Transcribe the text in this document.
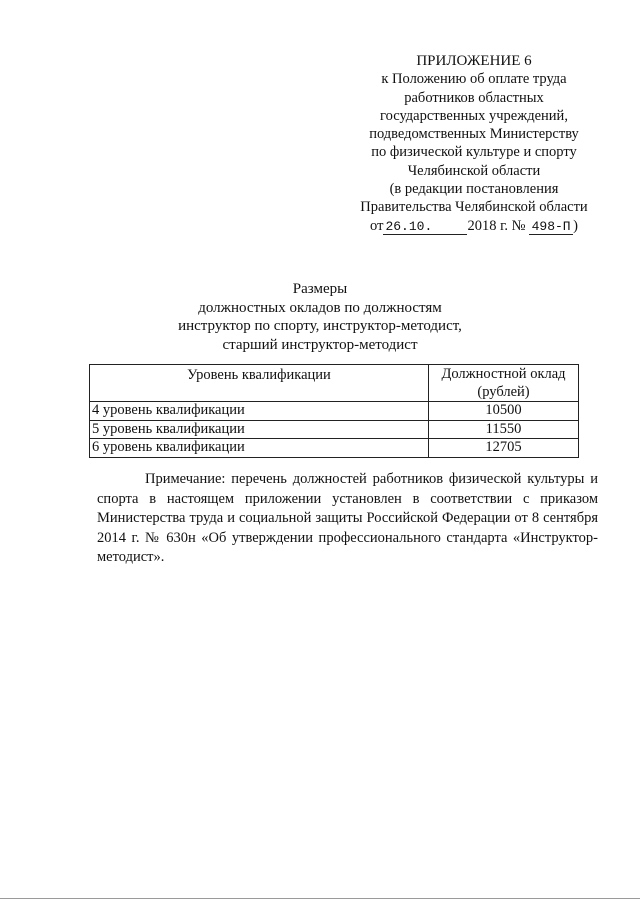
ПРИЛОЖЕНИЕ 6
к Положению об оплате труда
работников областных
государственных учреждений,
подведомственных Министерству
по физической культуре и спорту
Челябинской области
(в редакции постановления
Правительства Челябинской области
от 26.10. 2018 г. № 498-П )
Размеры
должностных окладов по должностям
инструктор по спорту, инструктор-методист,
старший инструктор-методист
Уровень квалификации	Должностной оклад
(рублей)
4 уровень квалификации	10500
5 уровень квалификации	11550
6 уровень квалификации	12705

Примечание: перечень должностей работников физической культуры и спорта в настоящем приложении установлен в соответствии с приказом Министерства труда и социальной защиты Российской Федерации от 8 сентября 2014 г. № 630н «Об утверждении профессионального стандарта «Инструктор-методист».
